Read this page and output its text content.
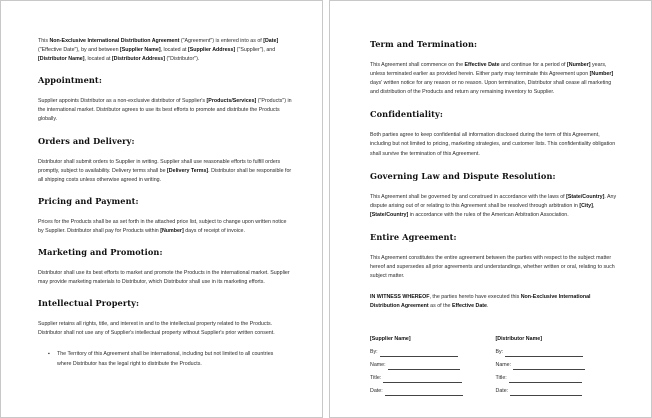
This Non-Exclusive International Distribution Agreement ("Agreement") is entered into as of [Date] ("Effective Date"), by and between [Supplier Name], located at [Supplier Address] ("Supplier"), and [Distributor Name], located at [Distributor Address] ("Distributor").

Appointment:

Supplier appoints Distributor as a non-exclusive distributor of Supplier's [Products/Services] ("Products") in the international market. Distributor agrees to use its best efforts to promote and distribute the Products globally.

Orders and Delivery:

Distributor shall submit orders to Supplier in writing. Supplier shall use reasonable efforts to fulfill orders promptly, subject to availability. Delivery terms shall be [Delivery Terms]. Distributor shall be responsible for all shipping costs unless otherwise agreed in writing.

Pricing and Payment:

Prices for the Products shall be as set forth in the attached price list, subject to change upon written notice by Supplier. Distributor shall pay for Products within [Number] days of receipt of invoice.

Marketing and Promotion:

Distributor shall use its best efforts to market and promote the Products in the international market. Supplier may provide marketing materials to Distributor, which Distributor shall use in its marketing efforts.

Intellectual Property:

Supplier retains all rights, title, and interest in and to the intellectual property related to the Products. Distributor shall not use any of Supplier's intellectual property without Supplier's prior written consent.

▪	The Territory of this Agreement shall be international, including but not limited to all countries where Distributor has the legal right to distribute the Products.

Term and Termination:

This Agreement shall commence on the Effective Date and continue for a period of [Number] years, unless terminated earlier as provided herein. Either party may terminate this Agreement upon [Number] days' written notice for any reason or no reason. Upon termination, Distributor shall cease all marketing and distribution of the Products and return any remaining inventory to Supplier.

Confidentiality:

Both parties agree to keep confidential all information disclosed during the term of this Agreement, including but not limited to pricing, marketing strategies, and customer lists. This confidentiality obligation shall survive the termination of this Agreement.

Governing Law and Dispute Resolution:

This Agreement shall be governed by and construed in accordance with the laws of [State/Country]. Any dispute arising out of or relating to this Agreement shall be resolved through arbitration in [City], [State/Country] in accordance with the rules of the American Arbitration Association.

Entire Agreement:

This Agreement constitutes the entire agreement between the parties with respect to the subject matter hereof and supersedes all prior agreements and understandings, whether written or oral, relating to such subject matter.

IN WITNESS WHEREOF, the parties hereto have executed this Non-Exclusive International Distribution Agreement as of the Effective Date.

[Supplier Name]
By:
Name:
Title:
Date:
[Distributor Name]
By:
Name:
Title:
Date:
